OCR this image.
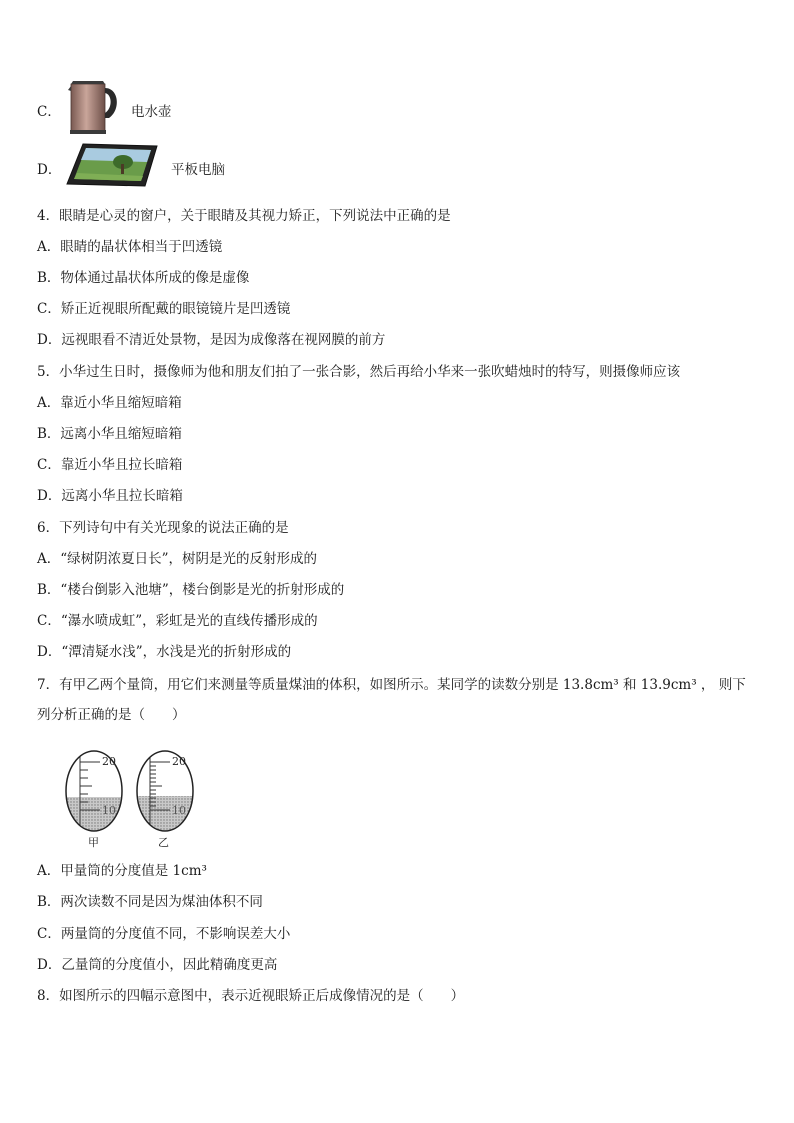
C．	电水壶
D．	平板电脑
4．眼睛是心灵的窗户，关于眼睛及其视力矫正，下列说法中正确的是
A．眼睛的晶状体相当于凹透镜
B．物体通过晶状体所成的像是虚像
C．矫正近视眼所配戴的眼镜镜片是凹透镜
D．远视眼看不清近处景物，是因为成像落在视网膜的前方
5．小华过生日时，摄像师为他和朋友们拍了一张合影，然后再给小华来一张吹蜡烛时的特写，则摄像师应该
A．靠近小华且缩短暗箱
B．远离小华且缩短暗箱
C．靠近小华且拉长暗箱
D．远离小华且拉长暗箱
6．下列诗句中有关光现象的说法正确的是
A．“绿树阴浓夏日长”，树阴是光的反射形成的
B．“楼台倒影入池塘”，楼台倒影是光的折射形成的
C．“瀑水喷成虹”，彩虹是光的直线传播形成的
D．“潭清疑水浅”，水浅是光的折射形成的
7．有甲乙两个量筒，用它们来测量等质量煤油的体积，如图所示。某同学的读数分别是 13.8cm³ 和 13.9cm³ ， 则下
列分析正确的是（　　）
20
10
20
10
甲	乙
A．甲量筒的分度值是 1cm³
B．两次读数不同是因为煤油体积不同
C．两量筒的分度值不同，不影响误差大小
D．乙量筒的分度值小，因此精确度更高
8．如图所示的四幅示意图中，表示近视眼矫正后成像情况的是（　　）
